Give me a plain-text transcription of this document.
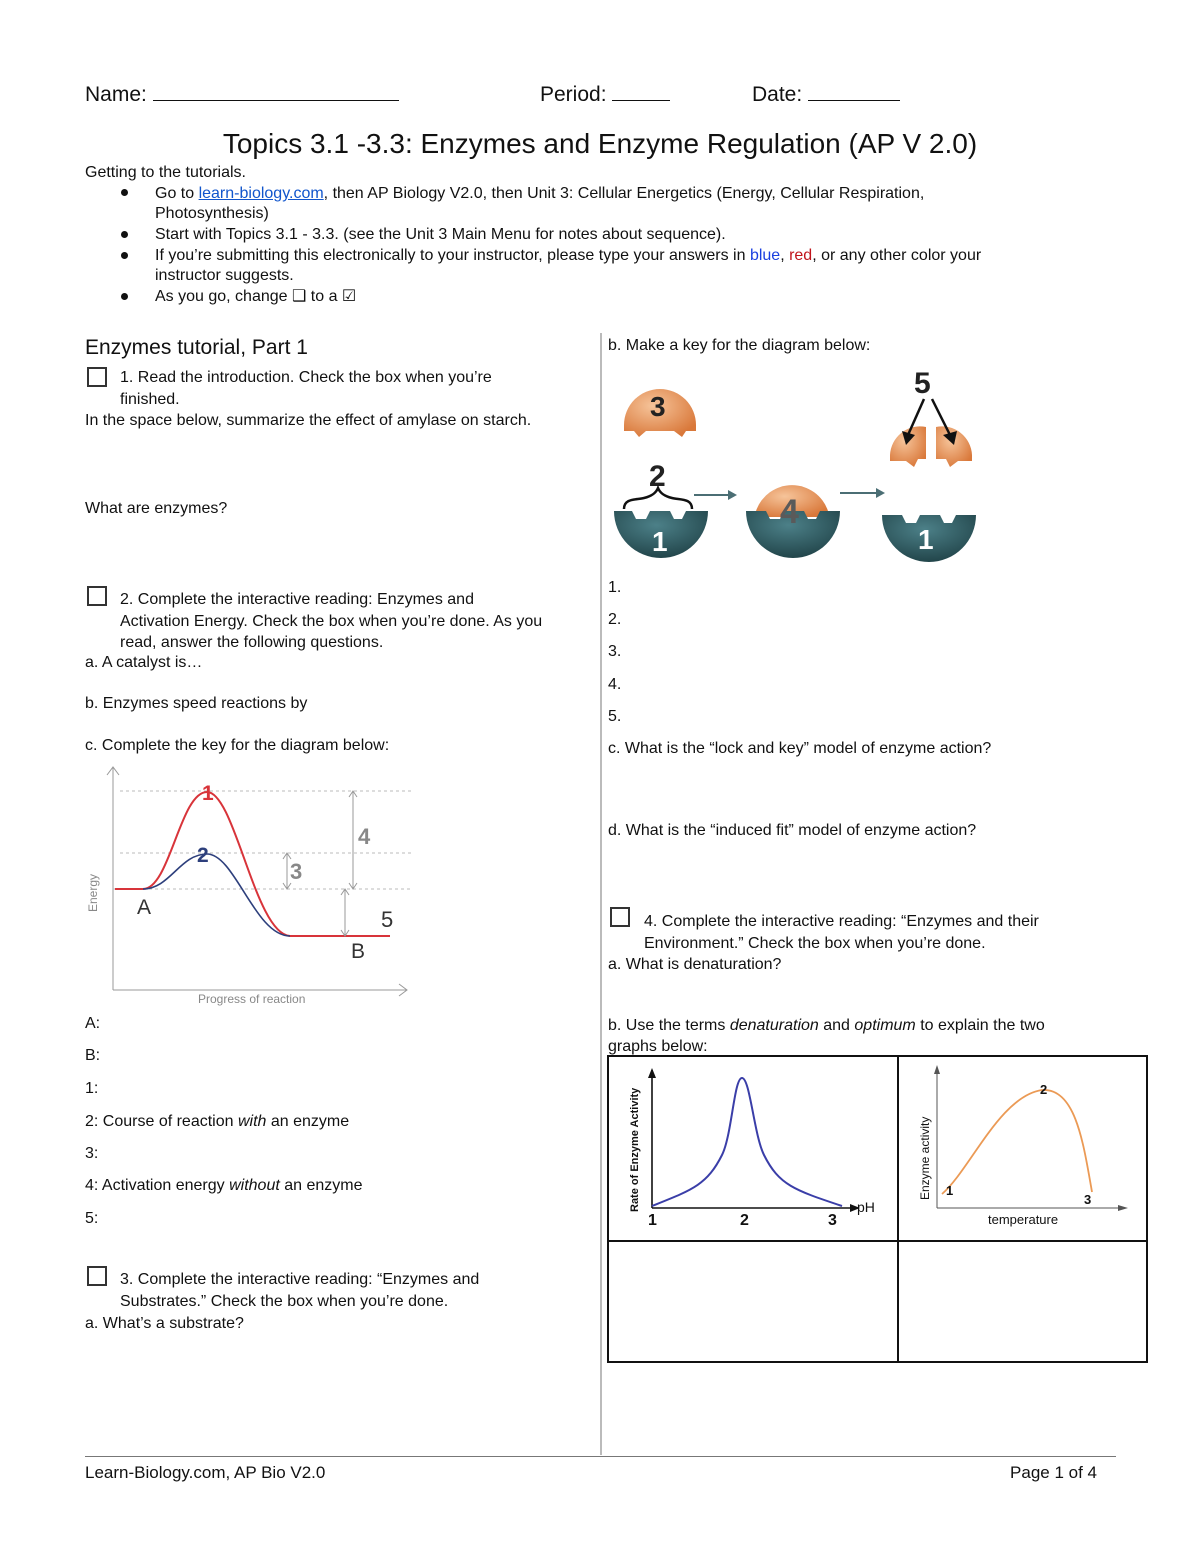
Name:	Period:	Date:
Topics 3.1 -3.3: Enzymes and Enzyme Regulation (AP V 2.0)
Getting to the tutorials.
Go to learn-biology.com, then AP Biology V2.0, then Unit 3: Cellular Energetics (Energy, Cellular Respiration,
Photosynthesis)
Start with Topics 3.1 - 3.3. (see the Unit 3 Main Menu for notes about sequence).
If you’re submitting this electronically to your instructor, please type your answers in blue, red, or any other color your
instructor suggests.
As you go, change ❑ to a ☑
Enzymes tutorial, Part 1
1. Read the introduction. Check the box when you’re
finished.
In the space below, summarize the effect of amylase on starch.
What are enzymes?
2. Complete the interactive reading: Enzymes and
Activation Energy. Check the box when you’re done. As you
read, answer the following questions.
a. A catalyst is…
b. Enzymes speed reactions by
c. Complete the key for the diagram below:
Energy
Progress of reaction
1
2
3
4
5
A
B
A:
B:
1:
2: Course of reaction with an enzyme
3:
4: Activation energy without an enzyme
5:
3. Complete the interactive reading: “Enzymes and
Substrates.” Check the box when you’re done.
a. What’s a substrate?
b. Make a key for the diagram below:
3
2
1
4
5
1
1.
2.
3.
4.
5.
c. What is the “lock and key” model of enzyme action?
d. What is the “induced fit” model of enzyme action?
4. Complete the interactive reading: “Enzymes and their
Environment.” Check the box when you’re done.
a. What is denaturation?
b. Use the terms denaturation and optimum to explain the two
graphs below:
Rate of Enzyme Activity	pH
1	2	3
Enzyme activity
temperature
1
2
3
Learn-Biology.com, AP Bio V2.0	Page 1 of 4
